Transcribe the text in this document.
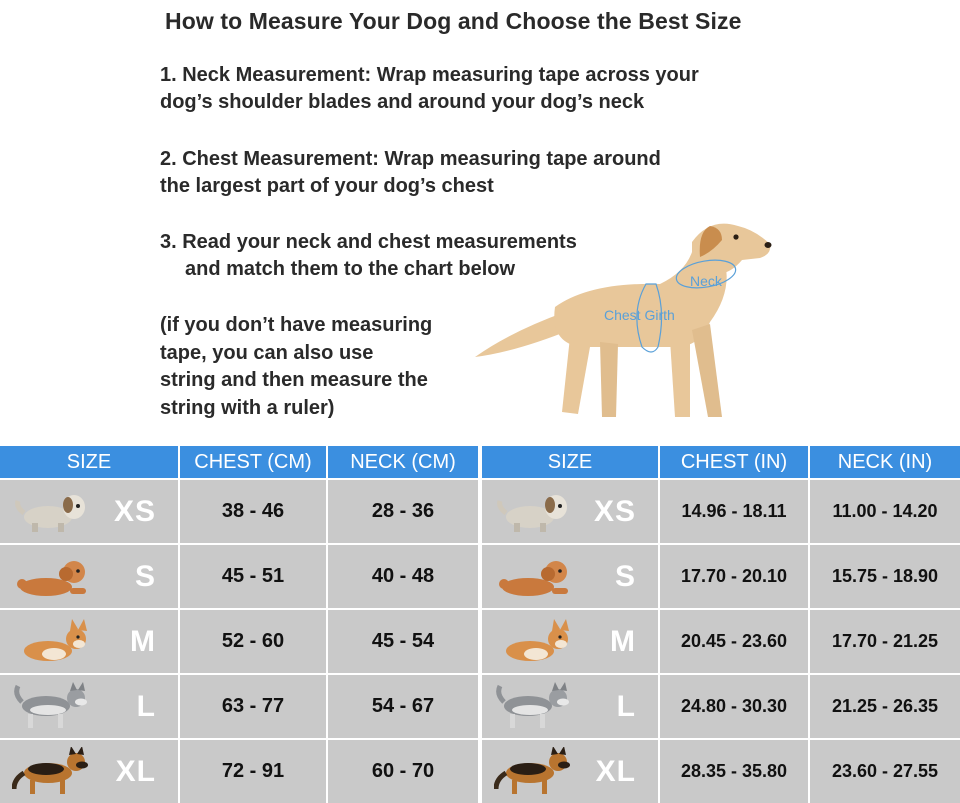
How to Measure Your Dog and Choose the Best Size
1. Neck Measurement: Wrap measuring tape across your
dog’s shoulder blades and around your dog’s neck
2. Chest Measurement: Wrap measuring tape around
the largest part of your dog’s chest
3. Read your neck and chest measurements
and match them to the chart below
(if you don’t have measuring
tape, you can also use
string and then measure the
string with a ruler)
Neck
Chest Girth
SIZE	CHEST (CM)	NECK (CM)

XS	38 - 46	28 - 36

S	45 - 51	40 - 48

M	52 - 60	45 - 54

L	63 - 77	54 - 67

XL	72 - 91	60 - 70
SIZE	CHEST (IN)	NECK (IN)

XS	14.96 - 18.11	11.00 - 14.20

S	17.70 - 20.10	15.75 - 18.90

M	20.45 - 23.60	17.70 - 21.25

L	24.80 - 30.30	21.25 - 26.35

XL	28.35 - 35.80	23.60 - 27.55
